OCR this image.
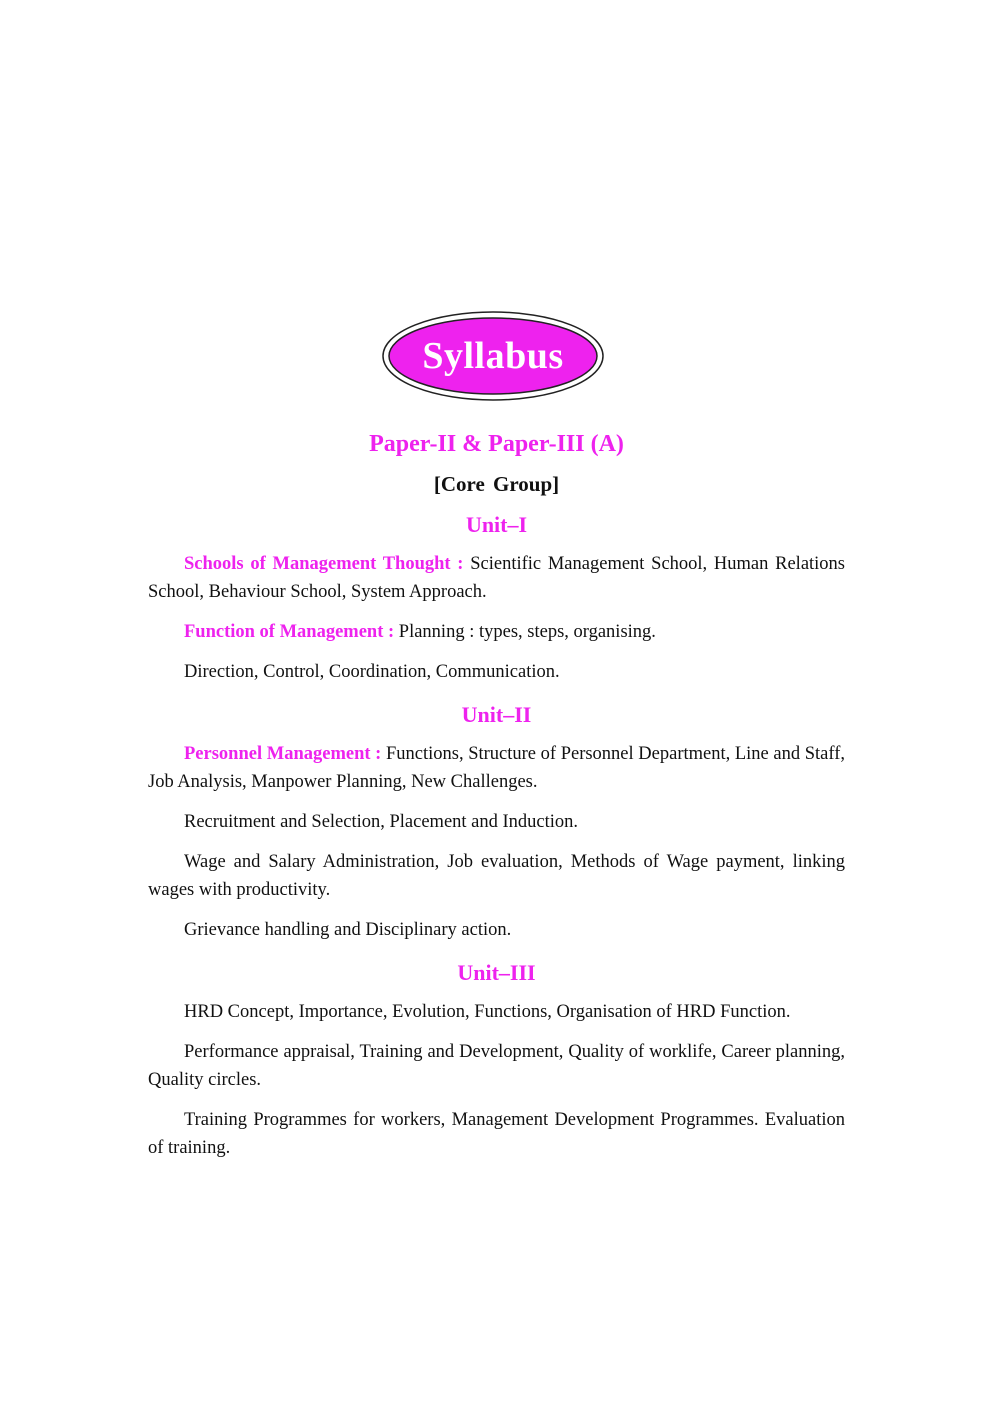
Syllabus
Paper-II & Paper-III (A)
[Core Group]
Unit–I

Schools of Management Thought : Scientific Management School, Human Relations School, Behaviour School, System Approach.

Function of Management : Planning : types, steps, organising.

Direction, Control, Coordination, Communication.

Unit–II

Personnel Management : Functions, Structure of Personnel Department, Line and Staff, Job Analysis, Manpower Planning, New Challenges.

Recruitment and Selection, Placement and Induction.

Wage and Salary Administration, Job evaluation, Methods of Wage payment, linking wages with productivity.

Grievance handling and Disciplinary action.

Unit–III

HRD Concept, Importance, Evolution, Functions, Organisation of HRD Function.

Performance appraisal, Training and Development, Quality of worklife, Career planning, Quality circles.

Training Programmes for workers, Management Development Programmes. Evaluation of training.
